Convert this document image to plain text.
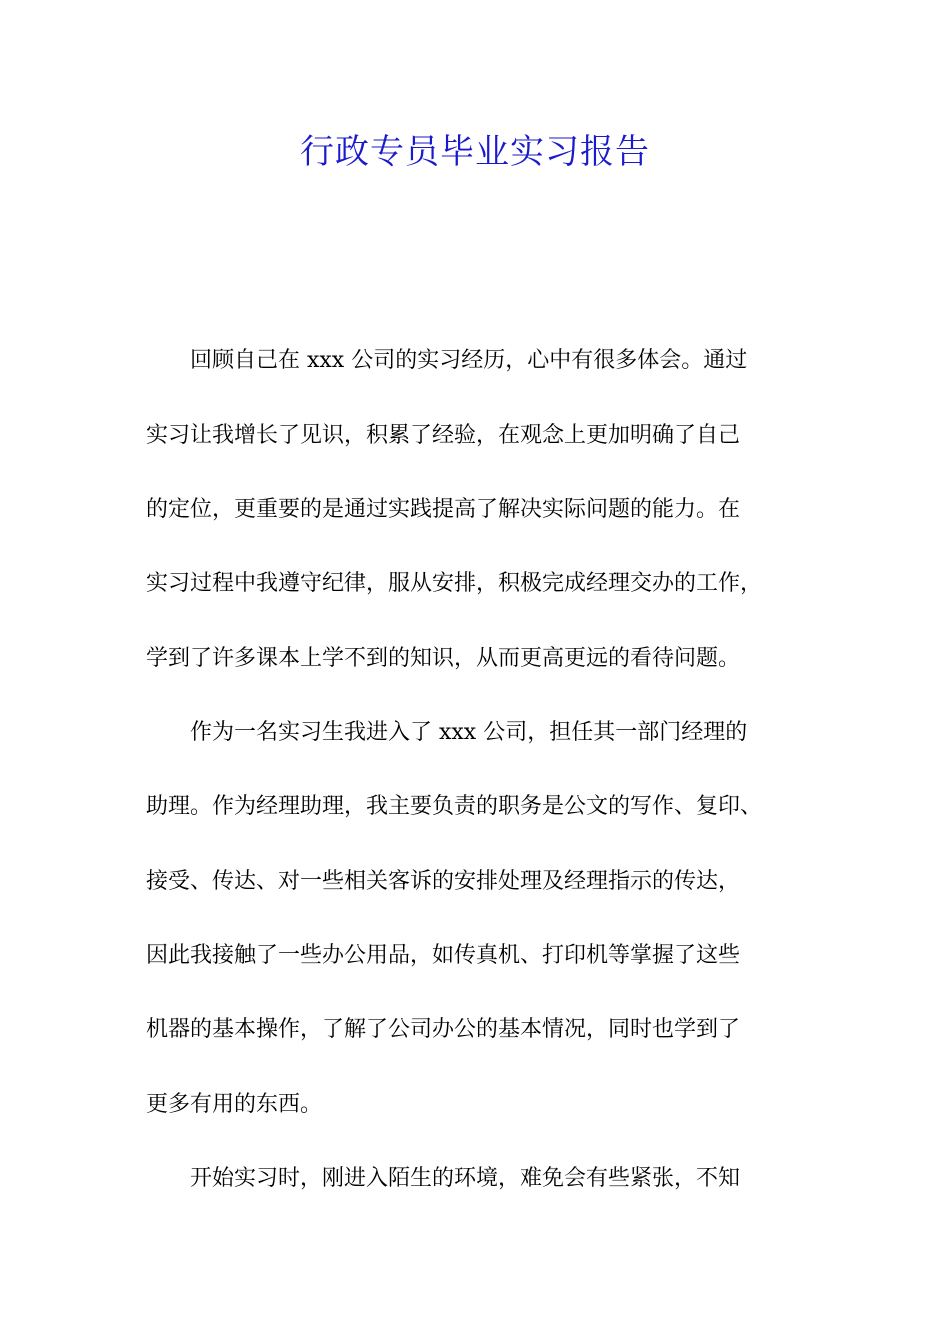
行政专员毕业实习报告

　　回顾自己在 xxx 公司的实习经历，心中有很多体会。通过

实习让我增长了见识，积累了经验，在观念上更加明确了自己

的定位，更重要的是通过实践提高了解决实际问题的能力。在

实习过程中我遵守纪律，服从安排，积极完成经理交办的工作，

学到了许多课本上学不到的知识，从而更高更远的看待问题。

　　作为一名实习生我进入了 xxx 公司，担任其一部门经理的

助理。作为经理助理，我主要负责的职务是公文的写作、复印、

接受、传达、对一些相关客诉的安排处理及经理指示的传达，

因此我接触了一些办公用品，如传真机、打印机等掌握了这些

机器的基本操作，了解了公司办公的基本情况，同时也学到了

更多有用的东西。

　　开始实习时，刚进入陌生的环境，难免会有些紧张，不知
